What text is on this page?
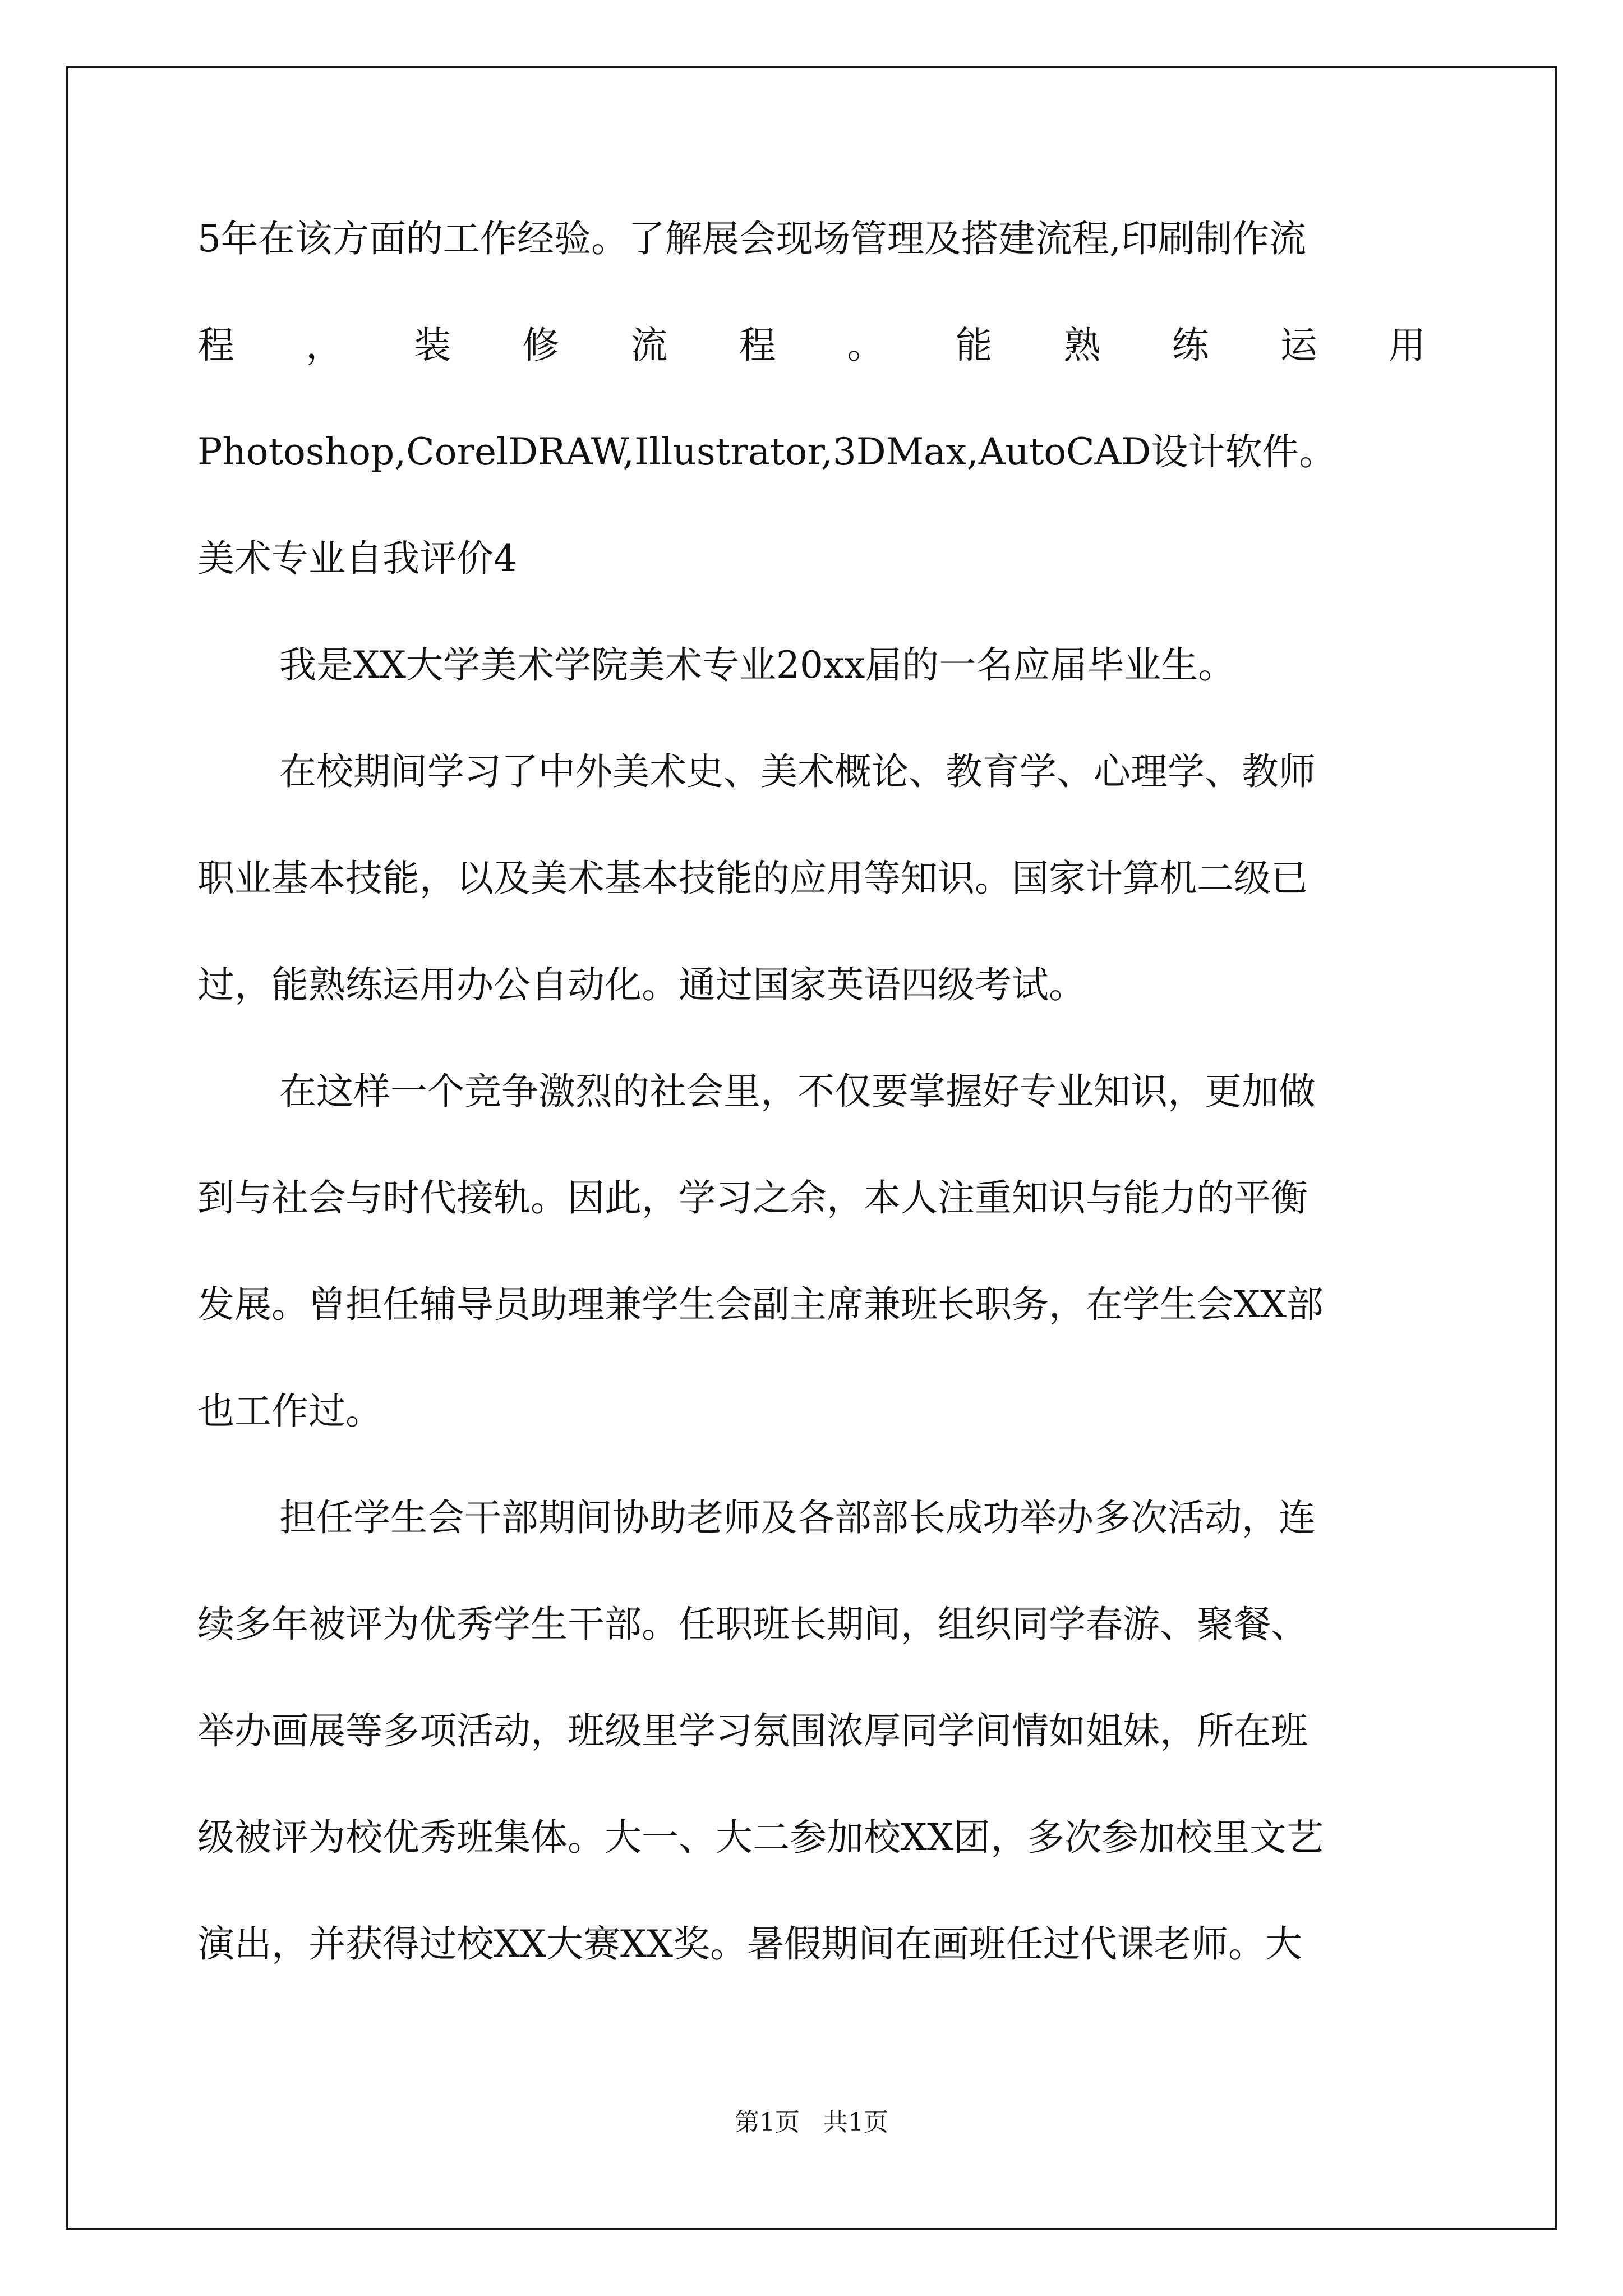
5年在该方面的工作经验。了解展会现场管理及搭建流程,印刷制作流
程 ， 装 修 流 程 。 能 熟 练 运 用
Photoshop,CorelDRAW,Illustrator,3DMax,AutoCAD设计软件。
美术专业自我评价4
我是XX大学美术学院美术专业20xx届的一名应届毕业生。
在校期间学习了中外美术史、美术概论、教育学、心理学、教师
职业基本技能，以及美术基本技能的应用等知识。国家计算机二级已
过，能熟练运用办公自动化。通过国家英语四级考试。
在这样一个竞争激烈的社会里，不仅要掌握好专业知识，更加做
到与社会与时代接轨。因此，学习之余，本人注重知识与能力的平衡
发展。曾担任辅导员助理兼学生会副主席兼班长职务，在学生会XX部
也工作过。
担任学生会干部期间协助老师及各部部长成功举办多次活动，连
续多年被评为优秀学生干部。任职班长期间，组织同学春游、聚餐、
举办画展等多项活动，班级里学习氛围浓厚同学间情如姐妹，所在班
级被评为校优秀班集体。大一、大二参加校XX团，多次参加校里文艺
演出，并获得过校XX大赛XX奖。暑假期间在画班任过代课老师。大
第1页 共1页
